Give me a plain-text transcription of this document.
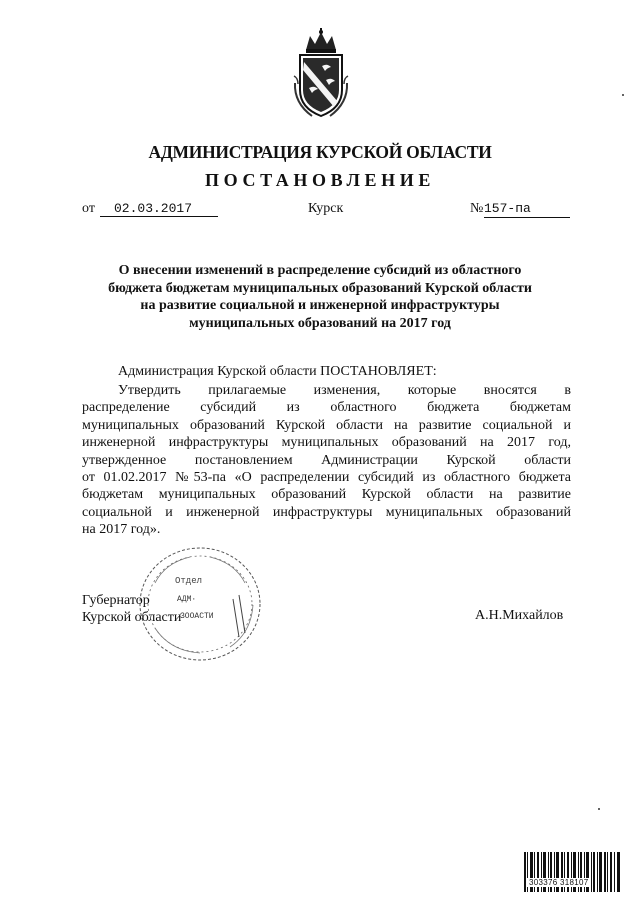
АДМИНИСТРАЦИЯ КУРСКОЙ ОБЛАСТИ
ПОСТАНОВЛЕНИЕ
от	02.03.2017	Курск	№ 157-па
О внесении изменений в распределение субсидий из областного
бюджета бюджетам муниципальных образований Курской области
на развитие социальной и инженерной инфраструктуры
муниципальных образований на 2017 год
Администрация Курской области ПОСТАНОВЛЯЕТ:
Утвердить прилагаемые изменения, которые вносятся в
распределение субсидий из областного бюджета бюджетам
муниципальных образований Курской области на развитие социальной и
инженерной инфраструктуры муниципальных образований на 2017 год,
утвержденное постановлением Администрации Курской области
от 01.02.2017 №53-па «О распределении субсидий из областного бюджета
бюджетам муниципальных образований Курской области на развитие
социальной и инженерной инфраструктуры муниципальных образований
на 2017 год».
Отдел
АДМ·
ЗООАСТИ
Губернатор
Курской области	А.Н.Михайлов
303376 318107
